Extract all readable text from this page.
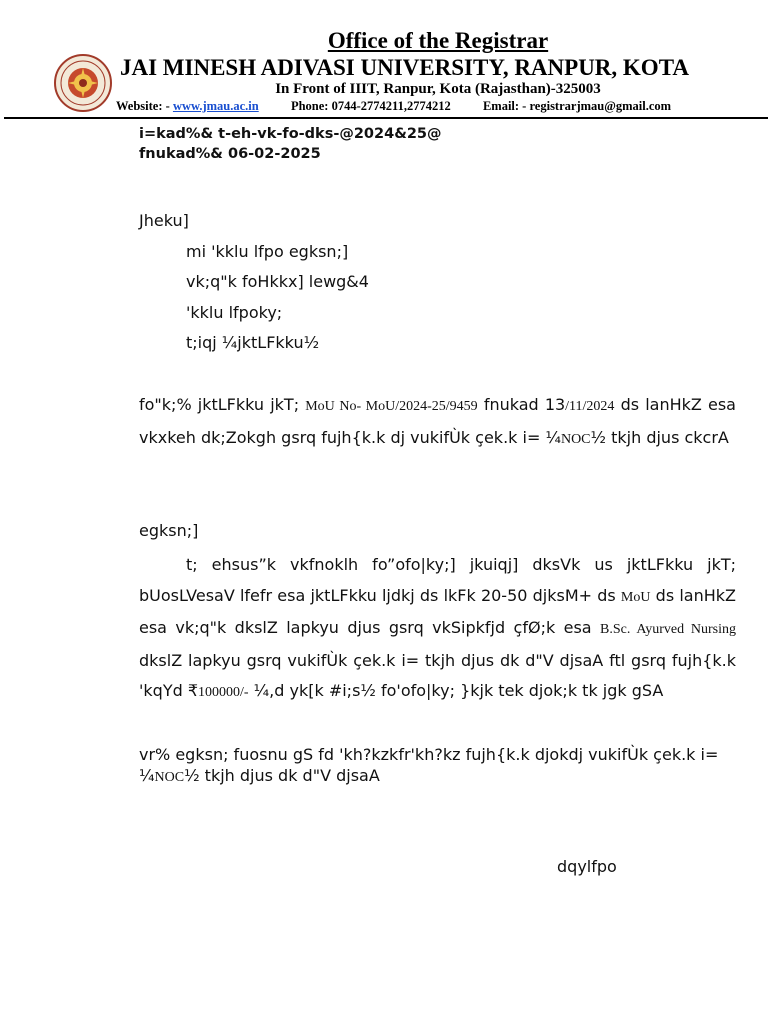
Office of the Registrar
JAI MINESH ADIVASI UNIVERSITY, RANPUR, KOTA
In Front of IIIT, Ranpur, Kota (Rajasthan)-325003
Website: - www.jmau.ac.in	Phone: 0744-2774211,2774212	Email: - registrarjmau@gmail.com
i=kad%& t-eh-vk-fo-dks-@2024&25@
fnukad%& 06-02-2025
Jheku]
mi 'kklu lfpo egksn;]
vk;q"k foHkkx] lewg&4
'kklu lfpoky;
t;iqj ¼jktLFkku½
fo"k;% jktLFkku jkT; MoU No- MoU/2024-25/9459 fnukad 13/11/2024 ds lanHkZ esa vkxkeh dk;Zokgh gsrq fujh{k.k dj vukifÙk çek.k i= ¼NOC½ tkjh djus ckcrA
egksn;]
t; ehsus”k vkfnoklh fo”ofo|ky;] jkuiqj] dksVk us jktLFkku jkT; bUosLVesaV lfefr esa jktLFkku ljdkj ds lkFk 20-50 djksM+ ds MoU ds lanHkZ esa vk;q"k dkslZ lapkyu djus gsrq vkSipkfjd çfØ;k esa B.Sc. Ayurved Nursing dkslZ lapkyu gsrq vukifÙk çek.k i= tkjh djus dk d"V djsaA ftl gsrq fujh{k.k 'kqYd ₹100000/- ¼,d yk[k #i;s½ fo'ofo|ky; }kjk tek djok;k tk jgk gSA
vr% egksn; fuosnu gS fd 'kh?kzkfr'kh?kz fujh{k.k djokdj vukifÙk çek.k i= ¼NOC½ tkjh djus dk d"V djsaA
dqylfpo
